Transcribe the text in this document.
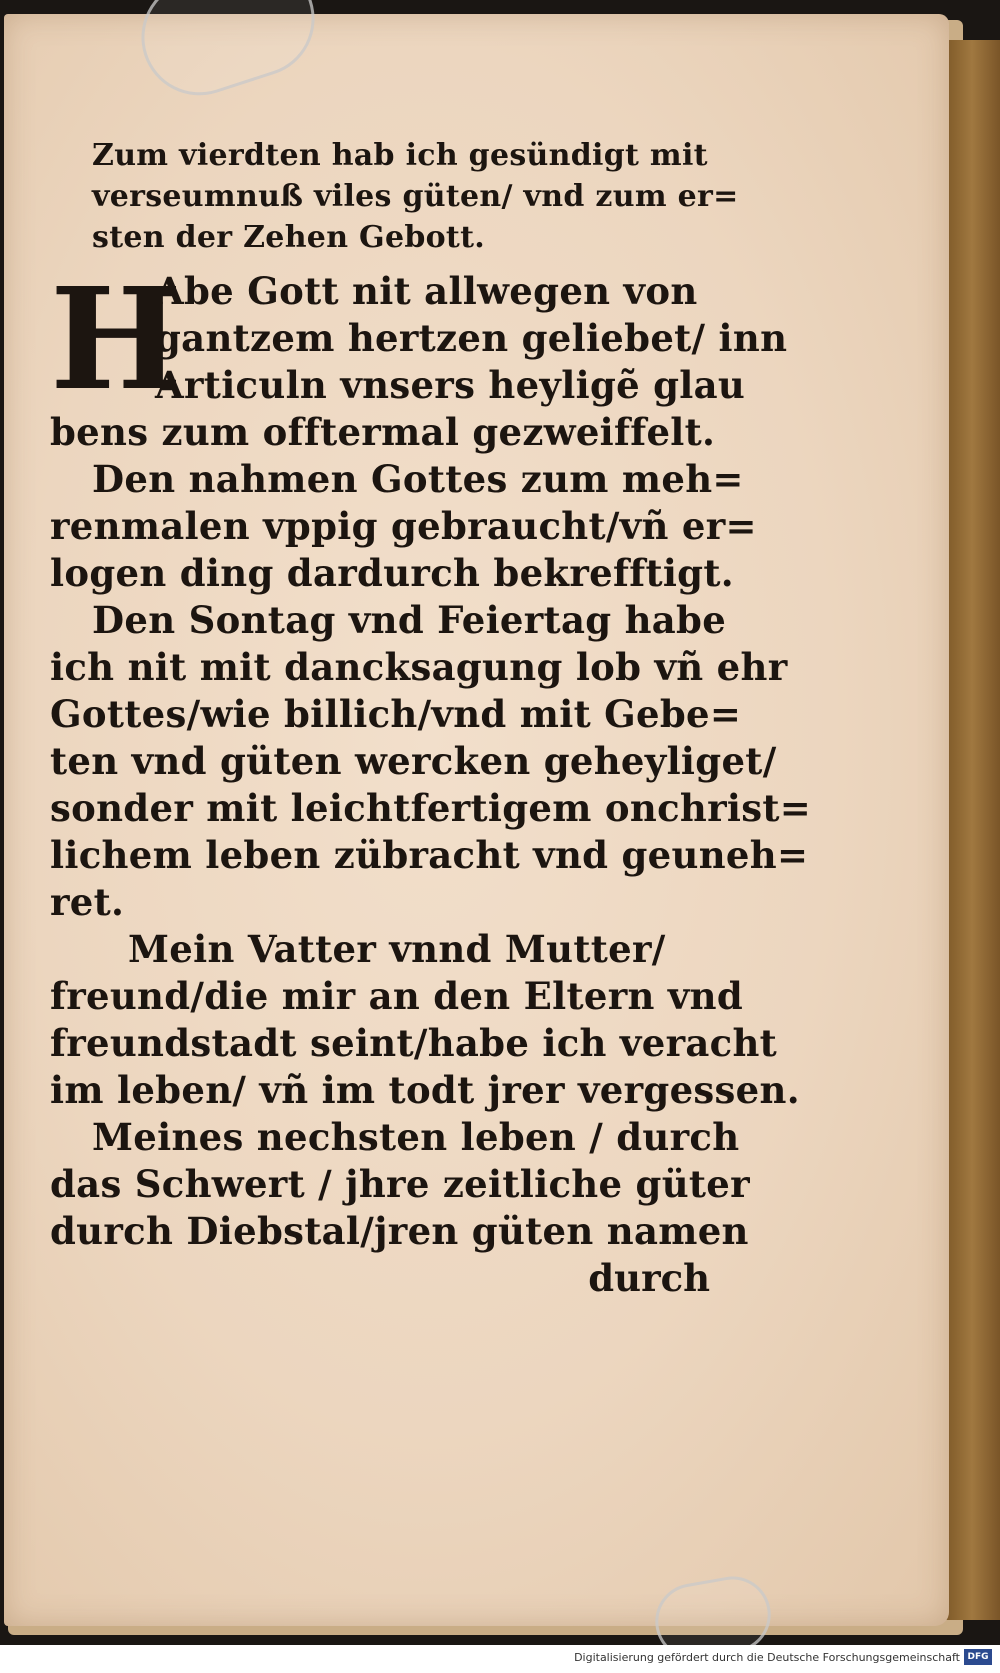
Zum vierdten hab ich gesündigt mit
verseumnuß viles güten/ vnd zum er=
sten der Zehen Gebott.
H
Abe Gott nit allwegen von
gantzem hertzen geliebet/ inn
Articuln vnsers heyligẽ glau
bens zum offtermal gezweiffelt.
Den nahmen Gottes zum meh=
renmalen vppig gebraucht/vñ er=
logen ding dardurch bekrefftigt.
Den Sontag vnd Feiertag habe
ich nit mit dancksagung lob vñ ehr
Gottes/wie billich/vnd mit Gebe=
ten vnd güten wercken geheyliget/
sonder mit leichtfertigem onchrist=
lichem leben zübracht vnd geuneh=
ret.
Mein Vatter vnnd Mutter/
freund/die mir an den Eltern vnd
freundstadt seint/habe ich veracht
im leben/ vñ im todt jrer vergessen.
Meines nechsten leben / durch
das Schwert / jhre zeitliche güter
durch Diebstal/jren güten namen
durch
Digitalisierung gefördert durch die Deutsche Forschungsgemeinschaft DFG
